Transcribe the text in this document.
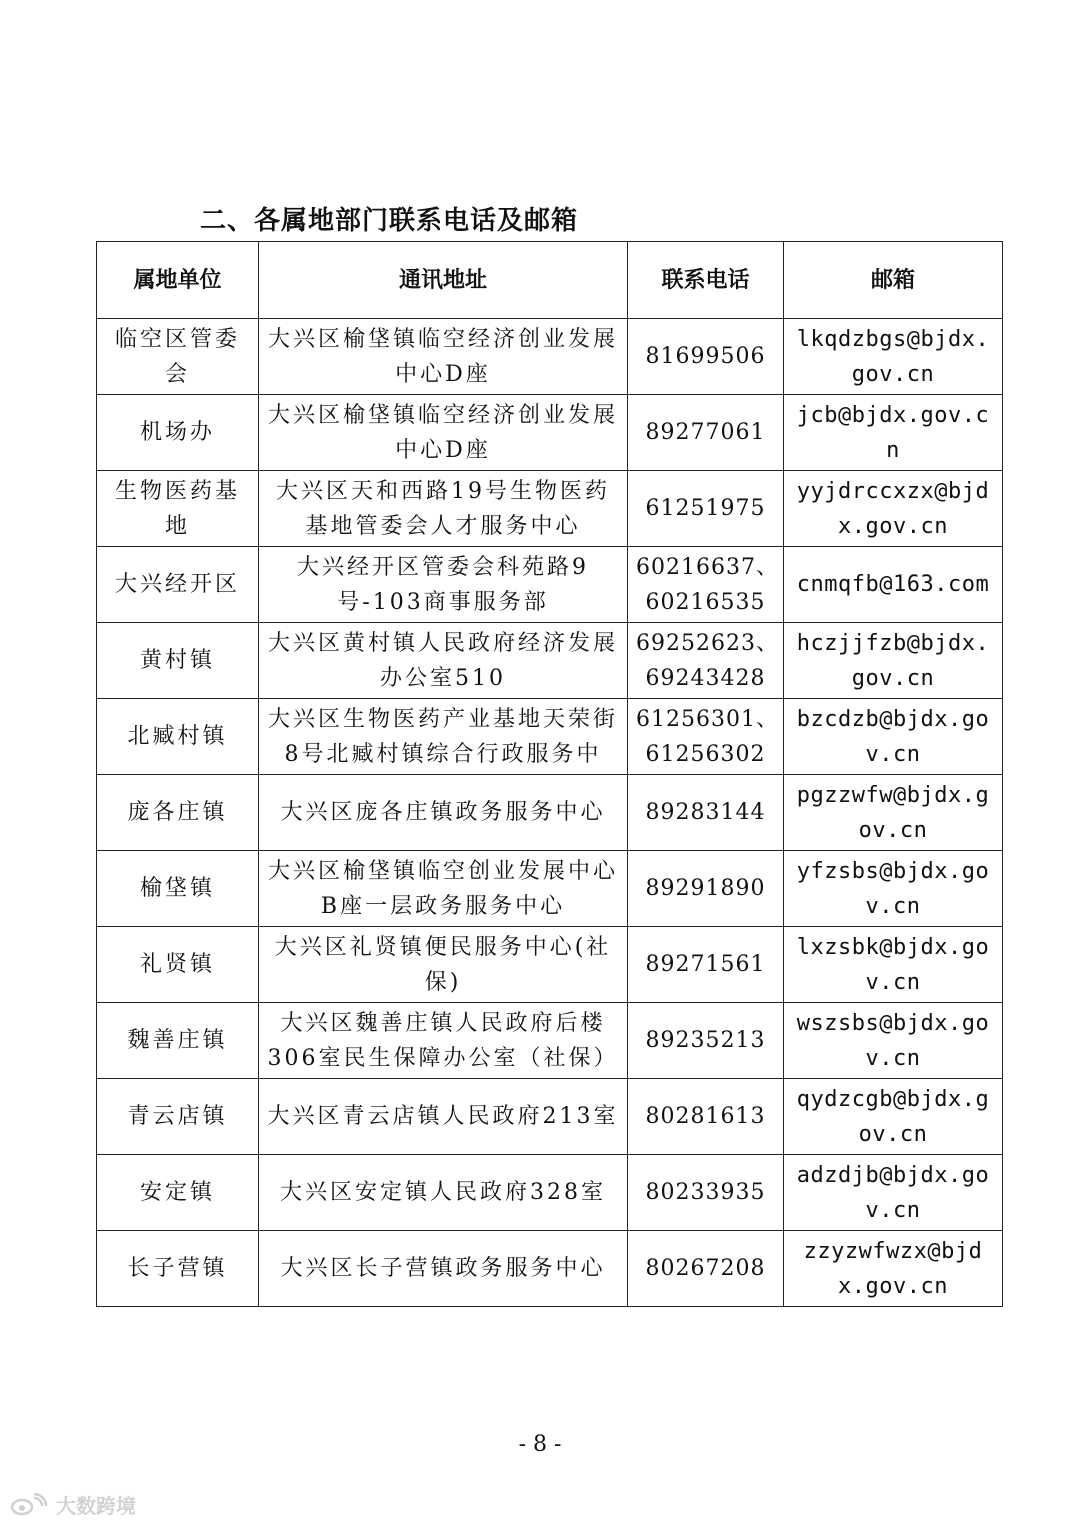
二、各属地部门联系电话及邮箱
属地单位	通讯地址	联系电话	邮箱
临空区管委会	大兴区榆垡镇临空经济创业发展中心D座	81699506	lkqdzbgs@bjdx.gov.cn
机场办	大兴区榆垡镇临空经济创业发展中心D座	89277061	jcb@bjdx.gov.cn
生物医药基地	大兴区天和西路19号生物医药基地管委会人才服务中心	61251975	yyjdrccxzx@bjdx.gov.cn
大兴经开区	大兴经开区管委会科苑路9号-103商事服务部	60216637、60216535	cnmqfb@163.com
黄村镇	大兴区黄村镇人民政府经济发展办公室510	69252623、69243428	hczjjfzb@bjdx.gov.cn
北臧村镇	大兴区生物医药产业基地天荣街8号北臧村镇综合行政服务中	61256301、61256302	bzcdzb@bjdx.gov.cn
庞各庄镇	大兴区庞各庄镇政务服务中心	89283144	pgzzwfw@bjdx.gov.cn
榆垡镇	大兴区榆垡镇临空创业发展中心B座一层政务服务中心	89291890	yfzsbs@bjdx.gov.cn
礼贤镇	大兴区礼贤镇便民服务中心(社保)	89271561	lxzsbk@bjdx.gov.cn
魏善庄镇	大兴区魏善庄镇人民政府后楼306室民生保障办公室（社保）	89235213	wszsbs@bjdx.gov.cn
青云店镇	大兴区青云店镇人民政府213室	80281613	qydzcgb@bjdx.gov.cn
安定镇	大兴区安定镇人民政府328室	80233935	adzdjb@bjdx.gov.cn
长子营镇	大兴区长子营镇政务服务中心	80267208	zzyzwfwzx@bjdx.gov.cn
- 8 -
大数跨境
